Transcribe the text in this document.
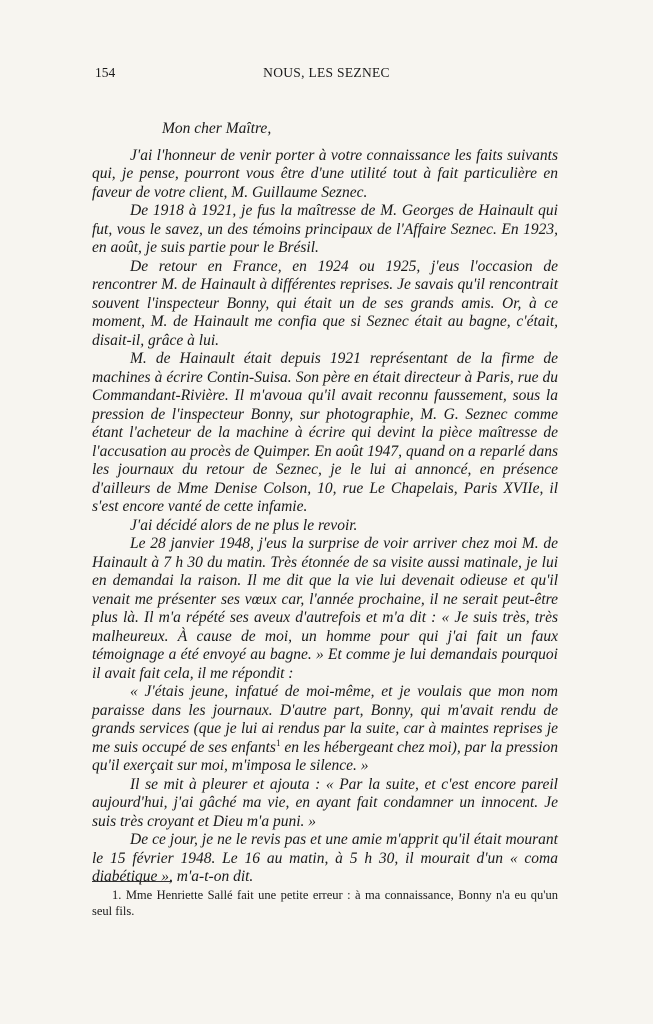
154	NOUS, LES SEZNEC

Mon cher Maître,

J'ai l'honneur de venir porter à votre connaissance les faits suivants qui, je pense, pourront vous être d'une utilité tout à fait particulière en faveur de votre client, M. Guillaume Seznec.

De 1918 à 1921, je fus la maîtresse de M. Georges de Hainault qui fut, vous le savez, un des témoins principaux de l'Affaire Seznec. En 1923, en août, je suis partie pour le Brésil.

De retour en France, en 1924 ou 1925, j'eus l'occasion de rencontrer M. de Hainault à différentes reprises. Je savais qu'il rencontrait souvent l'inspecteur Bonny, qui était un de ses grands amis. Or, à ce moment, M. de Hainault me confia que si Seznec était au bagne, c'était, disait-il, grâce à lui.

M. de Hainault était depuis 1921 représentant de la firme de machines à écrire Contin-Suisa. Son père en était directeur à Paris, rue du Commandant-Rivière. Il m'avoua qu'il avait reconnu faussement, sous la pression de l'inspecteur Bonny, sur photographie, M. G. Seznec comme étant l'acheteur de la machine à écrire qui devint la pièce maîtresse de l'accusation au procès de Quimper. En août 1947, quand on a reparlé dans les journaux du retour de Seznec, je le lui ai annoncé, en présence d'ailleurs de Mme Denise Colson, 10, rue Le Chapelais, Paris XVIIe, il s'est encore vanté de cette infamie.

J'ai décidé alors de ne plus le revoir.

Le 28 janvier 1948, j'eus la surprise de voir arriver chez moi M. de Hainault à 7 h 30 du matin. Très étonnée de sa visite aussi matinale, je lui en demandai la raison. Il me dit que la vie lui devenait odieuse et qu'il venait me présenter ses vœux car, l'année prochaine, il ne serait peut-être plus là. Il m'a répété ses aveux d'autrefois et m'a dit : « Je suis très, très malheureux. À cause de moi, un homme pour qui j'ai fait un faux témoignage a été envoyé au bagne. » Et comme je lui demandais pourquoi il avait fait cela, il me répondit :

« J'étais jeune, infatué de moi-même, et je voulais que mon nom paraisse dans les journaux. D'autre part, Bonny, qui m'avait rendu de grands services (que je lui ai rendus par la suite, car à maintes reprises je me suis occupé de ses enfants$^1$ en les hébergeant chez moi), par la pression qu'il exerçait sur moi, m'imposa le silence. »

Il se mit à pleurer et ajouta : « Par la suite, et c'est encore pareil aujourd'hui, j'ai gâché ma vie, en ayant fait condamner un innocent. Je suis très croyant et Dieu m'a puni. »

De ce jour, je ne le revis pas et une amie m'apprit qu'il était mourant le 15 février 1948. Le 16 au matin, à 5 h 30, il mourait d'un « coma diabétique », m'a-t-on dit.

1. Mme Henriette Sallé fait une petite erreur : à ma connaissance, Bonny n'a eu qu'un seul fils.
